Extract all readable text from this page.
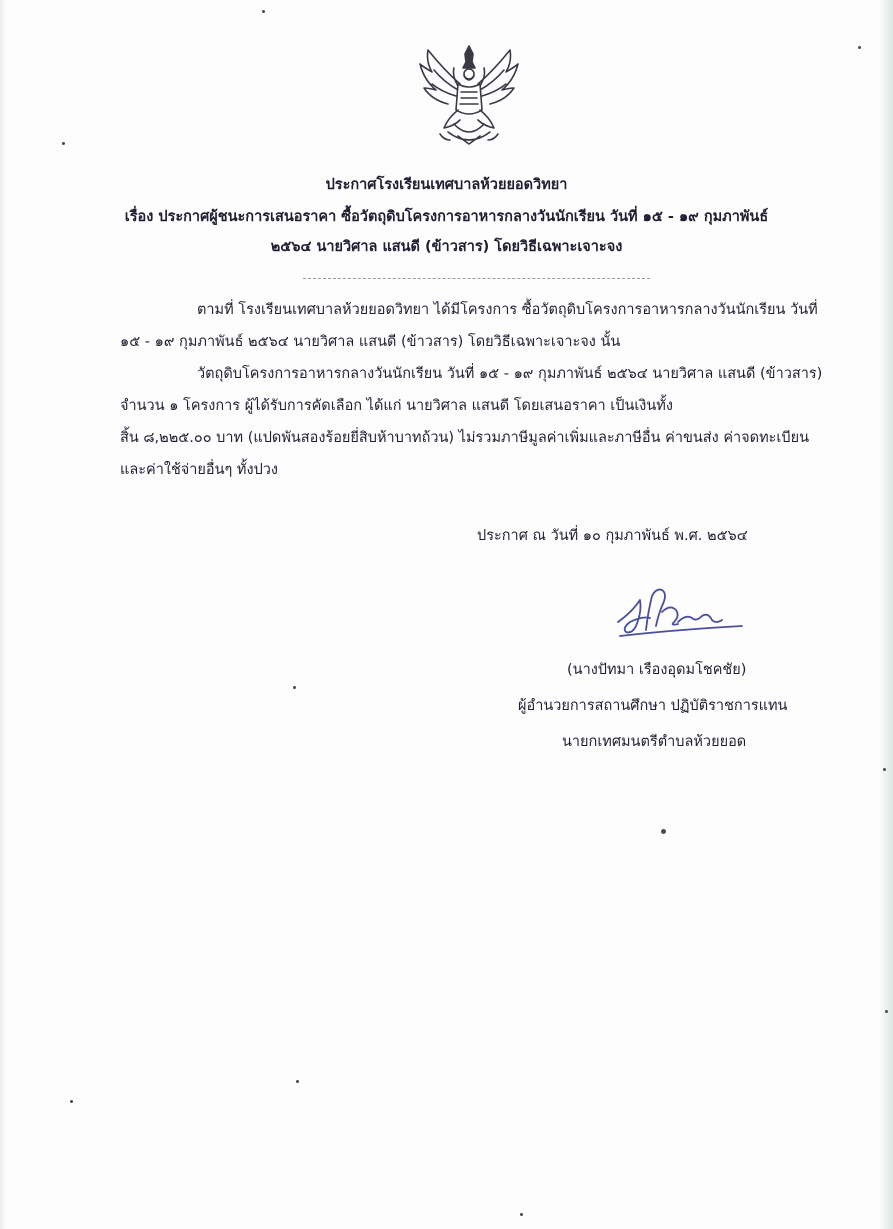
ประกาศโรงเรียนเทศบาลห้วยยอดวิทยา
เรื่อง ประกาศผู้ชนะการเสนอราคา ซื้อวัตถุดิบโครงการอาหารกลางวันนักเรียน วันที่ ๑๕ - ๑๙ กุมภาพันธ์
๒๕๖๔ นายวิศาล แสนดี (ข้าวสาร) โดยวิธีเฉพาะเจาะจง
ตามที่ โรงเรียนเทศบาลห้วยยอดวิทยา ได้มีโครงการ ซื้อวัตถุดิบโครงการอาหารกลางวันนักเรียน วันที่
๑๕ - ๑๙ กุมภาพันธ์ ๒๕๖๔ นายวิศาล แสนดี (ข้าวสาร) โดยวิธีเฉพาะเจาะจง นั้น
วัตถุดิบโครงการอาหารกลางวันนักเรียน วันที่ ๑๕ - ๑๙ กุมภาพันธ์ ๒๕๖๔ นายวิศาล แสนดี (ข้าวสาร)
จำนวน ๑ โครงการ ผู้ได้รับการคัดเลือก ได้แก่ นายวิศาล แสนดี โดยเสนอราคา เป็นเงินทั้ง
สิ้น ๘,๒๒๕.๐๐ บาท (แปดพันสองร้อยยี่สิบห้าบาทถ้วน) ไม่รวมภาษีมูลค่าเพิ่มและภาษีอื่น ค่าขนส่ง ค่าจดทะเบียน
และค่าใช้จ่ายอื่นๆ ทั้งปวง
ประกาศ ณ วันที่ ๑๐ กุมภาพันธ์ พ.ศ. ๒๕๖๔
(นางปัทมา เรืองอุดมโชคชัย)
ผู้อำนวยการสถานศึกษา ปฏิบัติราชการแทน
นายกเทศมนตรีตำบลห้วยยอด
